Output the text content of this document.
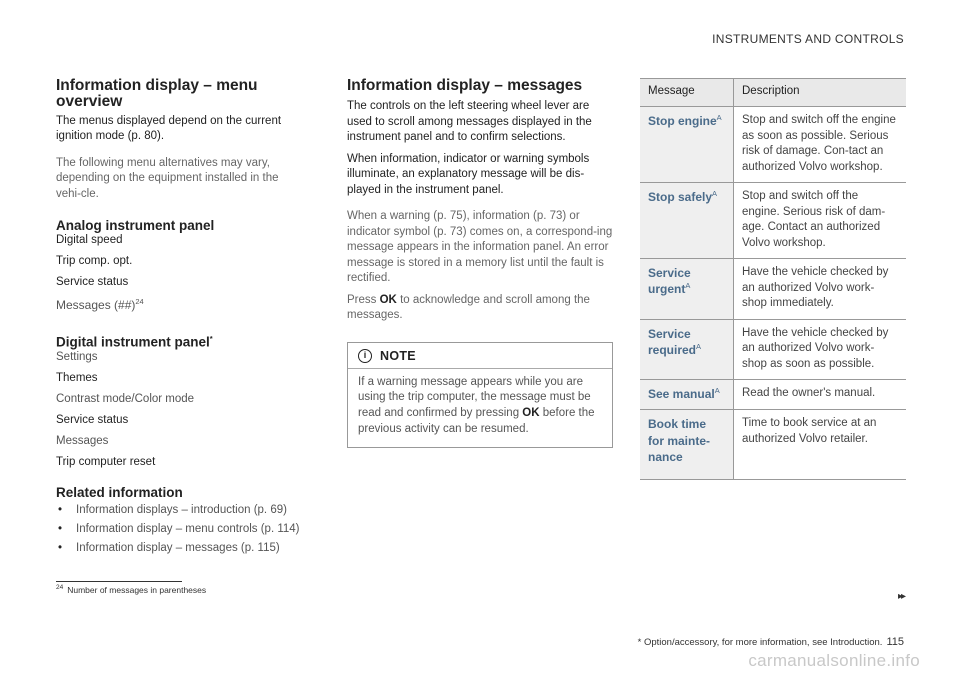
INSTRUMENTS AND CONTROLS
Information display – menu
overview

The menus displayed depend on the current ignition mode (p. 80).

The following menu alternatives may vary, depending on the equipment installed in the vehi-cle.

Analog instrument panel
Digital speed
Trip comp. opt.
Service status
Messages (##)$^{24}$
Digital instrument panel*
Settings
Themes
Contrast mode/Color mode
Service status
Messages
Trip computer reset
Related information
• Information displays – introduction (p. 69)
• Information display – menu controls (p. 114)
• Information display – messages (p. 115)
Information display – messages

The controls on the left steering wheel lever are used to scroll among messages displayed in the instrument panel and to confirm selections.

When information, indicator or warning symbols illuminate, an explanatory message will be dis-played in the instrument panel.

When a warning (p. 75), information (p. 73) or indicator symbol (p. 73) comes on, a correspond-ing message appears in the information panel. An error message is stored in a memory list until the fault is rectified.

Press OK to acknowledge and scroll among the messages.

i	NOTE
If a warning message appears while you are using the trip computer, the message must be read and confirmed by pressing OK before the previous activity can be resumed.
Message	Description
Stop engine$^A$	Stop and switch off the engine as soon as possible. Serious risk of damage. Con-tact an authorized Volvo workshop.
Stop safely$^A$	Stop and switch off the engine. Serious risk of dam-age. Contact an authorized Volvo workshop.
Service urgent$^A$	Have the vehicle checked by an authorized Volvo work-shop immediately.
Service required$^A$	Have the vehicle checked by an authorized Volvo work-shop as soon as possible.
See manual$^A$	Read the owner's manual.
Book time for mainte-nance	Time to book service at an authorized Volvo retailer.
$^{24}$ Number of messages in parentheses
▸▸
* Option/accessory, for more information, see Introduction. 115
carmanualsonline.info
